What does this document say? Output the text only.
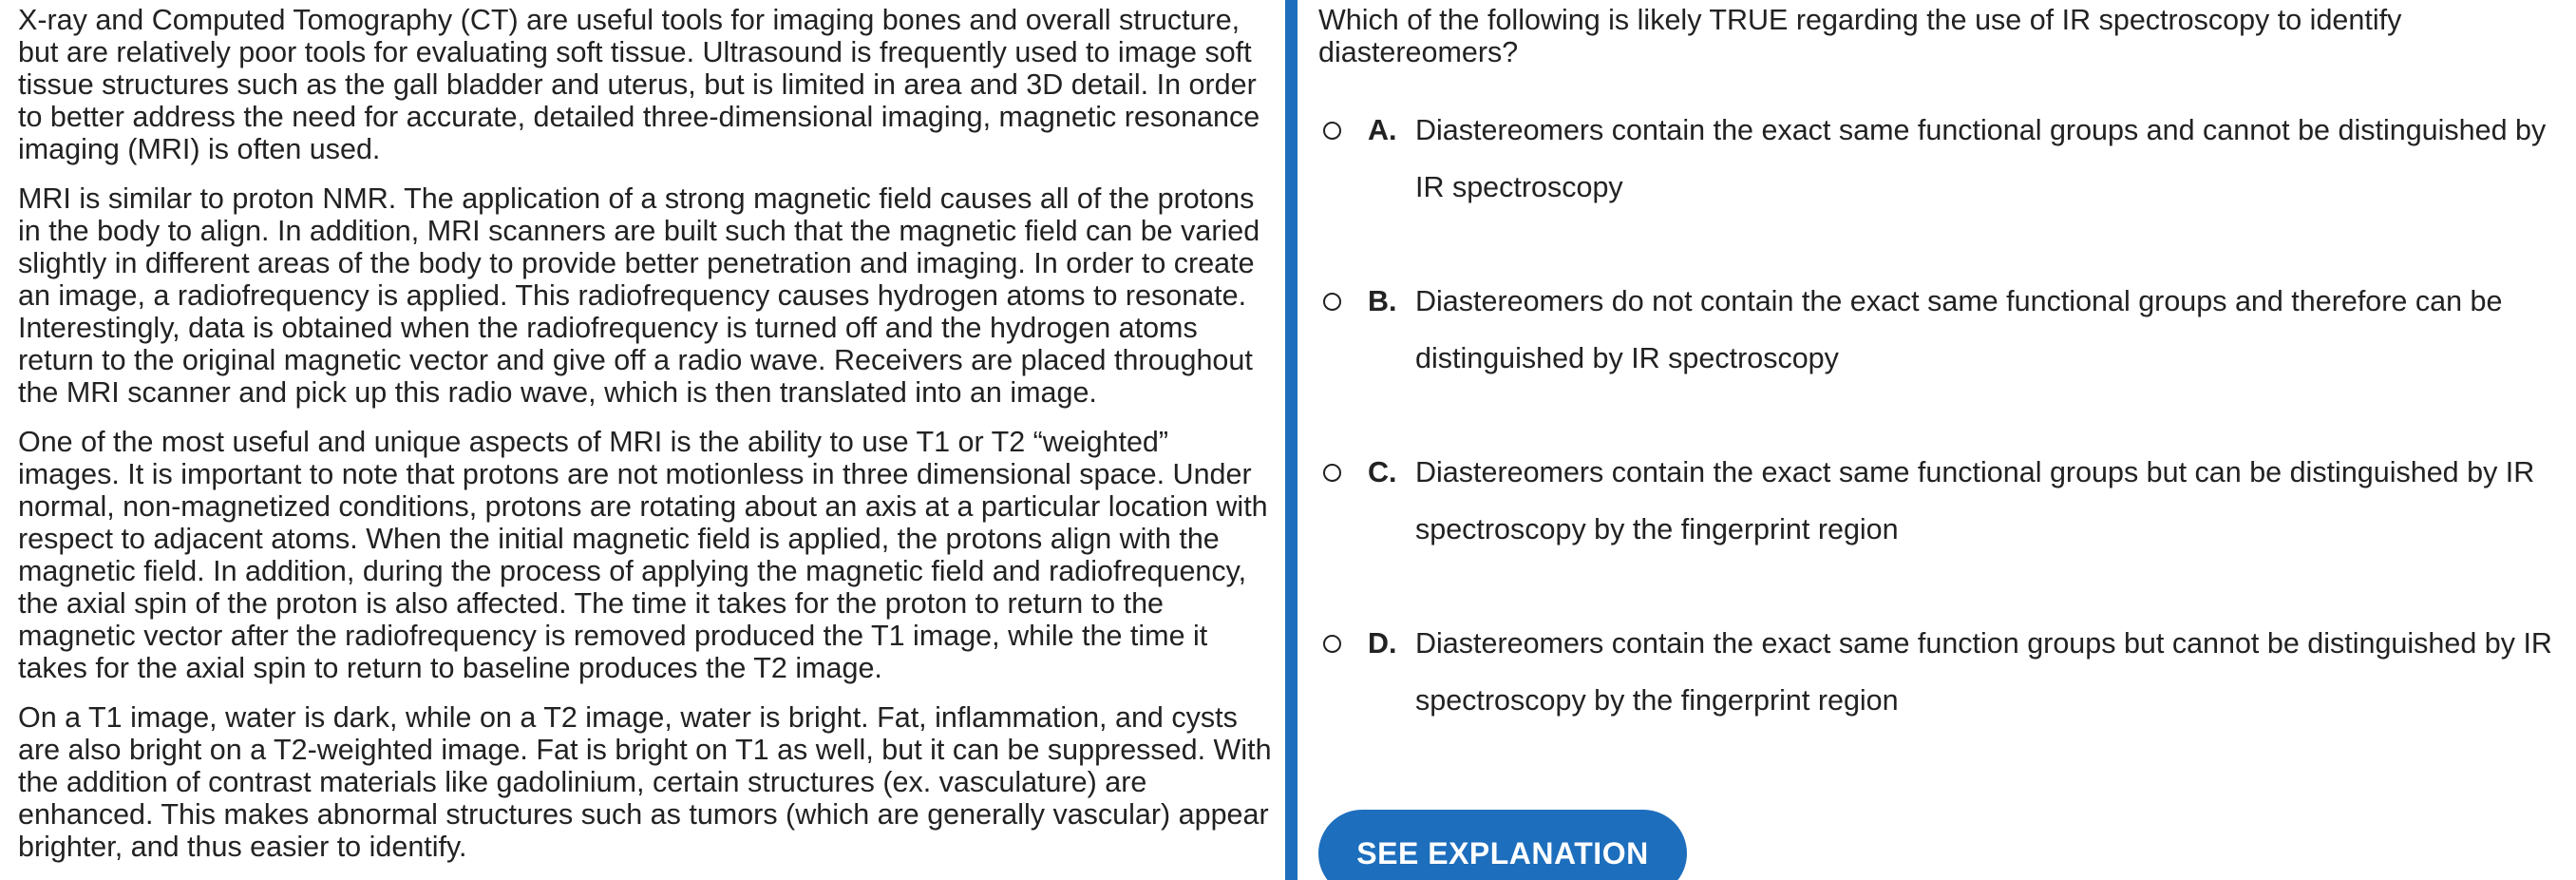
X-ray and Computed Tomography (CT) are useful tools for imaging bones and overall structure, but are relatively poor tools for evaluating soft tissue. Ultrasound is frequently used to image soft tissue structures such as the gall bladder and uterus, but is limited in area and 3D detail. In order to better address the need for accurate, detailed three-dimensional imaging, magnetic resonance imaging (MRI) is often used.

MRI is similar to proton NMR. The application of a strong magnetic field causes all of the protons in the body to align. In addition, MRI scanners are built such that the magnetic field can be varied slightly in different areas of the body to provide better penetration and imaging. In order to create an image, a radiofrequency is applied. This radiofrequency causes hydrogen atoms to resonate. Interestingly, data is obtained when the radiofrequency is turned off and the hydrogen atoms return to the original magnetic vector and give off a radio wave. Receivers are placed throughout the MRI scanner and pick up this radio wave, which is then translated into an image.

One of the most useful and unique aspects of MRI is the ability to use T1 or T2 “weighted” images. It is important to note that protons are not motionless in three dimensional space. Under normal, non-magnetized conditions, protons are rotating about an axis at a particular location with respect to adjacent atoms. When the initial magnetic field is applied, the protons align with the magnetic field. In addition, during the process of applying the magnetic field and radiofrequency, the axial spin of the proton is also affected. The time it takes for the proton to return to the magnetic vector after the radiofrequency is removed produced the T1 image, while the time it takes for the axial spin to return to baseline produces the T2 image.

On a T1 image, water is dark, while on a T2 image, water is bright. Fat, inflammation, and cysts are also bright on a T2-weighted image. Fat is bright on T1 as well, but it can be suppressed. With the addition of contrast materials like gadolinium, certain structures (ex. vasculature) are enhanced. This makes abnormal structures such as tumors (which are generally vascular) appear brighter, and thus easier to identify.

Which of the following is likely TRUE regarding the use of IR spectroscopy to identify diastereomers?
A. Diastereomers contain the exact same functional groups and cannot be distinguished by IR spectroscopy
B. Diastereomers do not contain the exact same functional groups and therefore can be distinguished by IR spectroscopy
C. Diastereomers contain the exact same functional groups but can be distinguished by IR spectroscopy by the fingerprint region
D. Diastereomers contain the exact same function groups but cannot be distinguished by IR spectroscopy by the fingerprint region
SEE EXPLANATION
